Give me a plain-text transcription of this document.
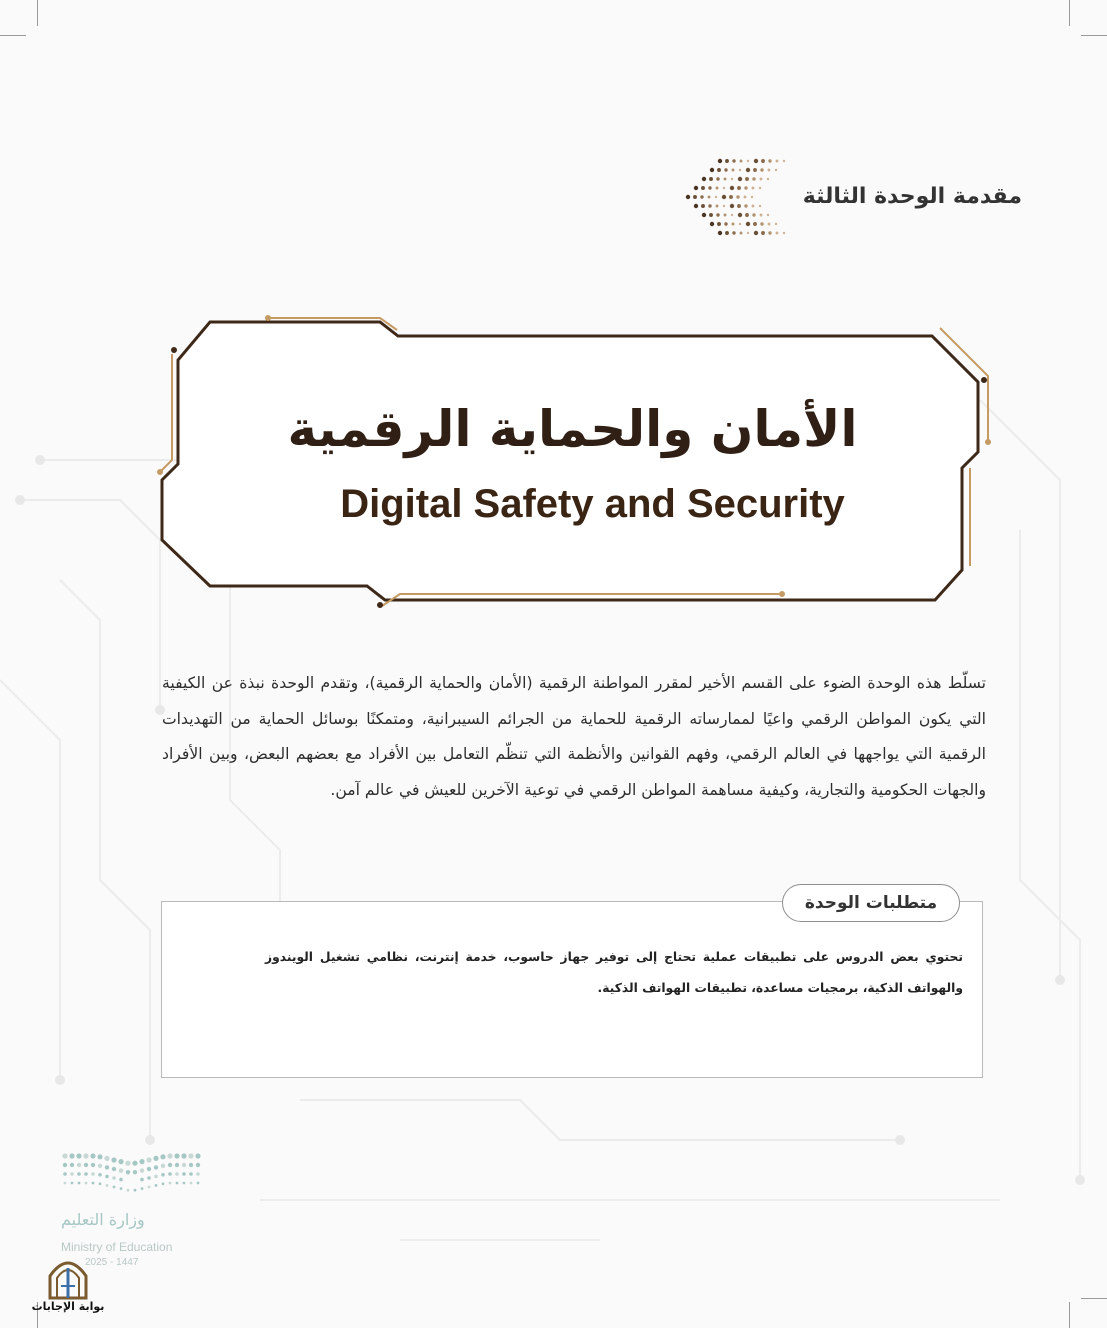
مقدمة الوحدة الثالثة
الأمان والحماية الرقمية
Digital Safety and Security

تسلّط هذه الوحدة الضوء على القسم الأخير لمقرر المواطنة الرقمية (الأمان والحماية الرقمية)، وتقدم الوحدة نبذة عن الكيفية التي يكون المواطن الرقمي واعيًا لممارساته الرقمية للحماية من الجرائم السيبرانية، ومتمكنًا بوسائل الحماية من التهديدات الرقمية التي يواجهها في العالم الرقمي، وفهم القوانين والأنظمة التي تنظّم التعامل بين الأفراد مع بعضهم البعض، وبين الأفراد والجهات الحكومية والتجارية، وكيفية مساهمة المواطن الرقمي في توعية الآخرين للعيش في عالم آمن.

متطلبات الوحدة

تحتوي بعض الدروس على تطبيقات عملية تحتاج إلى توفير جهاز حاسوب، خدمة إنترنت، نظامي تشغيل الويندوز والهواتف الذكية، برمجيات مساعدة، تطبيقات الهواتف الذكية.

وزارة التعليم
Ministry of Education
2025 - 1447
بوابة الإجابات
